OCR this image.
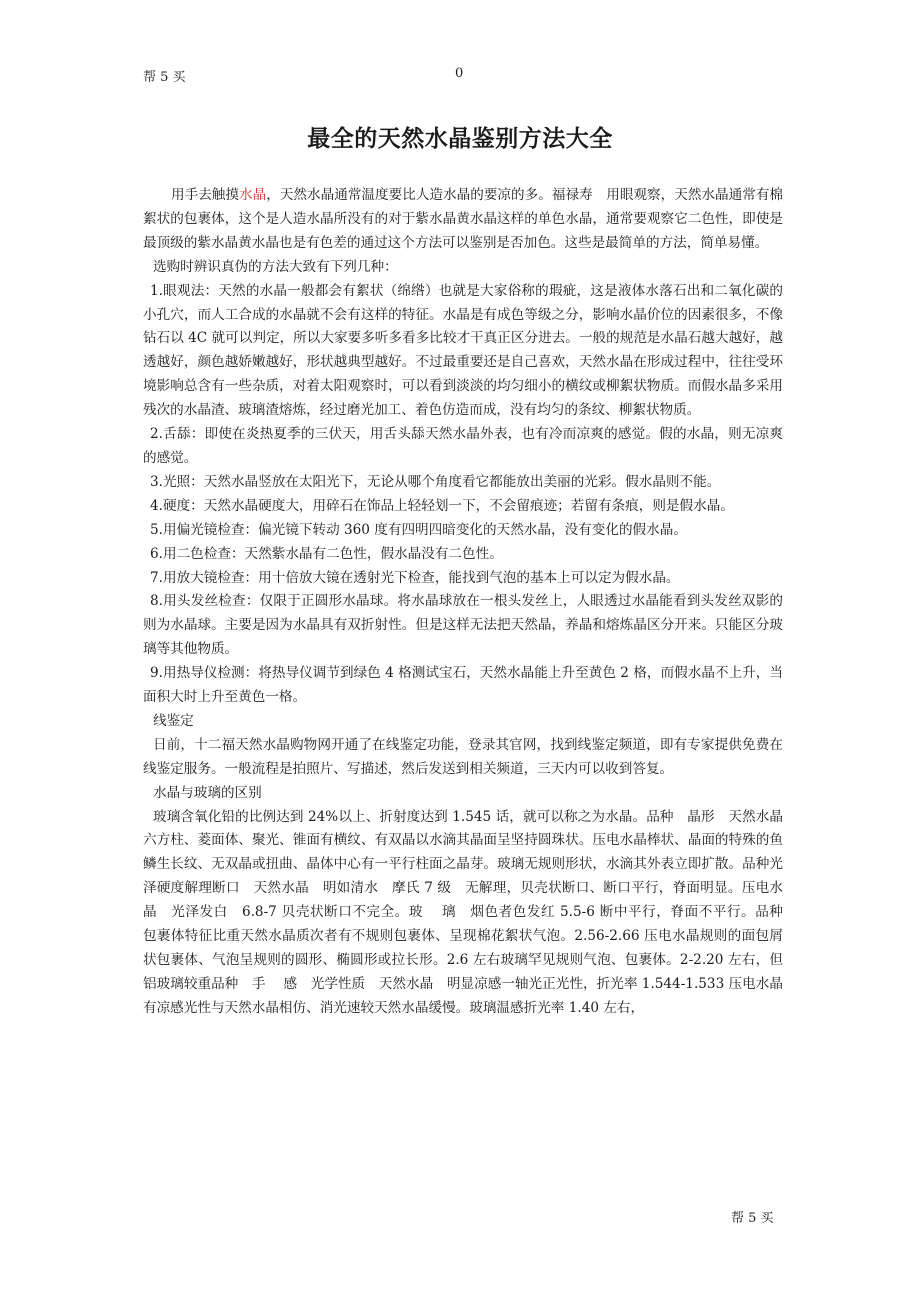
帮 5 买	0
最全的天然水晶鉴别方法大全

用手去触摸水晶，天然水晶通常温度要比人造水晶的要凉的多。福禄寿　用眼观察，天然水晶通常有棉絮状的包裹体，这个是人造水晶所没有的对于紫水晶黄水晶这样的单色水晶，通常要观察它二色性，即使是最顶级的紫水晶黄水晶也是有色差的通过这个方法可以鉴别是否加色。这些是最简单的方法，简单易懂。

选购时辨识真伪的方法大致有下列几种：

1.眼观法：天然的水晶一般都会有絮状（绵绺）也就是大家俗称的瑕疵，这是液体水落石出和二氧化碳的小孔穴，而人工合成的水晶就不会有这样的特征。水晶是有成色等级之分，影响水晶价位的因素很多，不像钻石以 4C 就可以判定，所以大家要多听多看多比较才干真正区分进去。一般的规范是水晶石越大越好，越透越好，颜色越娇嫩越好，形状越典型越好。不过最重要还是自己喜欢，天然水晶在形成过程中，往往受环境影响总含有一些杂质，对着太阳观察时，可以看到淡淡的均匀细小的横纹或柳絮状物质。而假水晶多采用残次的水晶渣、玻璃渣熔炼，经过磨光加工、着色仿造而成，没有均匀的条纹、柳絮状物质。

2.舌舔：即使在炎热夏季的三伏天，用舌头舔天然水晶外表，也有冷而凉爽的感觉。假的水晶，则无凉爽的感觉。

3.光照：天然水晶竖放在太阳光下，无论从哪个角度看它都能放出美丽的光彩。假水晶则不能。

4.硬度：天然水晶硬度大，用碎石在饰品上轻轻划一下，不会留痕迹；若留有条痕，则是假水晶。

5.用偏光镜检查：偏光镜下转动 360 度有四明四暗变化的天然水晶，没有变化的假水晶。

6.用二色检查：天然紫水晶有二色性，假水晶没有二色性。

7.用放大镜检查：用十倍放大镜在透射光下检查，能找到气泡的基本上可以定为假水晶。

8.用头发丝检查：仅限于正圆形水晶球。将水晶球放在一根头发丝上，人眼透过水晶能看到头发丝双影的则为水晶球。主要是因为水晶具有双折射性。但是这样无法把天然晶，养晶和熔炼晶区分开来。只能区分玻璃等其他物质。

9.用热导仪检测：将热导仪调节到绿色 4 格测试宝石，天然水晶能上升至黄色 2 格，而假水晶不上升，当面积大时上升至黄色一格。

线鉴定

日前，十二福天然水晶购物网开通了在线鉴定功能，登录其官网，找到线鉴定频道，即有专家提供免费在线鉴定服务。一般流程是拍照片、写描述，然后发送到相关频道，三天内可以收到答复。

水晶与玻璃的区别

玻璃含氧化铅的比例达到 24%以上、折射度达到 1.545 话，就可以称之为水晶。品种　晶形　天然水晶　 六方柱、菱面体、聚光、锥面有横纹、有双晶以水滴其晶面呈坚持圆珠状。压电水晶棒状、晶面的特殊的鱼鳞生长纹、无双晶或扭曲、晶体中心有一平行柱面之晶芽。玻璃无规则形状，水滴其外表立即扩散。品种光泽硬度解理断口　天然水晶　明如清水　摩氏 7 级　无解理，贝壳状断口、断口平行，脊面明显。压电水晶　光泽发白　6.8-7 贝壳状断口不完全。玻　 璃　烟色者色发红 5.5-6 断中平行，脊面不平行。品种　包裹体特征比重天然水晶质次者有不规则包裹体、呈现棉花絮状气泡。2.56-2.66 压电水晶规则的面包屑状包裹体、气泡呈规则的圆形、椭圆形或拉长形。2.6 左右玻璃罕见规则气泡、包裹体。2-2.20 左右，但铝玻璃较重品种　手　 感　光学性质　天然水晶　明显凉感一轴光正光性，折光率 1.544-1.533 压电水晶　有凉感光性与天然水晶相仿、消光速较天然水晶缓慢。玻璃温感折光率 1.40 左右，

帮 5 买
